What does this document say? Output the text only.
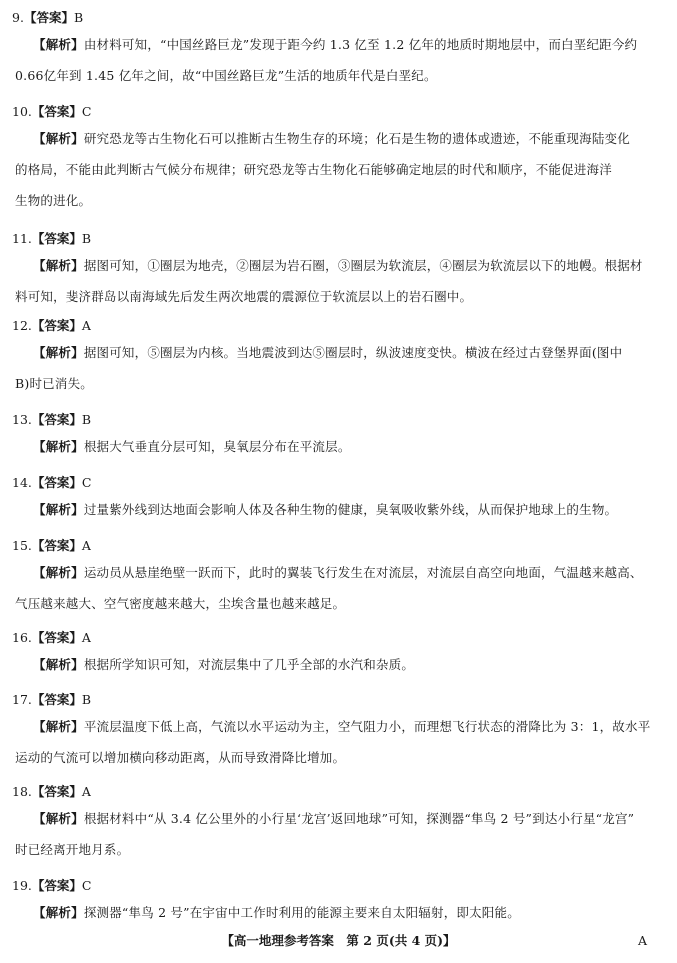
9.【答案】B
【解析】由材料可知，“中国丝路巨龙”发现于距今约 1.3 亿至 1.2 亿年的地质时期地层中，而白垩纪距今约
0.66亿年到 1.45 亿年之间，故“中国丝路巨龙”生活的地质年代是白垩纪。
10.【答案】C
【解析】研究恐龙等古生物化石可以推断古生物生存的环境；化石是生物的遗体或遗迹，不能重现海陆变化
的格局，不能由此判断古气候分布规律；研究恐龙等古生物化石能够确定地层的时代和顺序，不能促进海洋
生物的进化。
11.【答案】B
【解析】据图可知，①圈层为地壳，②圈层为岩石圈，③圈层为软流层，④圈层为软流层以下的地幔。根据材
料可知，斐济群岛以南海域先后发生两次地震的震源位于软流层以上的岩石圈中。
12.【答案】A
【解析】据图可知，⑤圈层为内核。当地震波到达⑤圈层时，纵波速度变快。横波在经过古登堡界面(图中
B)时已消失。
13.【答案】B
【解析】根据大气垂直分层可知，臭氧层分布在平流层。
14.【答案】C
【解析】过量紫外线到达地面会影响人体及各种生物的健康，臭氧吸收紫外线，从而保护地球上的生物。
15.【答案】A
【解析】运动员从悬崖绝壁一跃而下，此时的翼装飞行发生在对流层，对流层自高空向地面，气温越来越高、
气压越来越大、空气密度越来越大，尘埃含量也越来越足。
16.【答案】A
【解析】根据所学知识可知，对流层集中了几乎全部的水汽和杂质。
17.【答案】B
【解析】平流层温度下低上高，气流以水平运动为主，空气阻力小，而理想飞行状态的滑降比为 3：1，故水平
运动的气流可以增加横向移动距离，从而导致滑降比增加。
18.【答案】A
【解析】根据材料中“从 3.4 亿公里外的小行星‘龙宫’返回地球”可知，探测器“隼鸟 2 号”到达小行星“龙宫”
时已经离开地月系。
19.【答案】C
【解析】探测器“隼鸟 2 号”在宇宙中工作时利用的能源主要来自太阳辐射，即太阳能。
【高一地理参考答案　第 2 页(共 4 页)】	A
